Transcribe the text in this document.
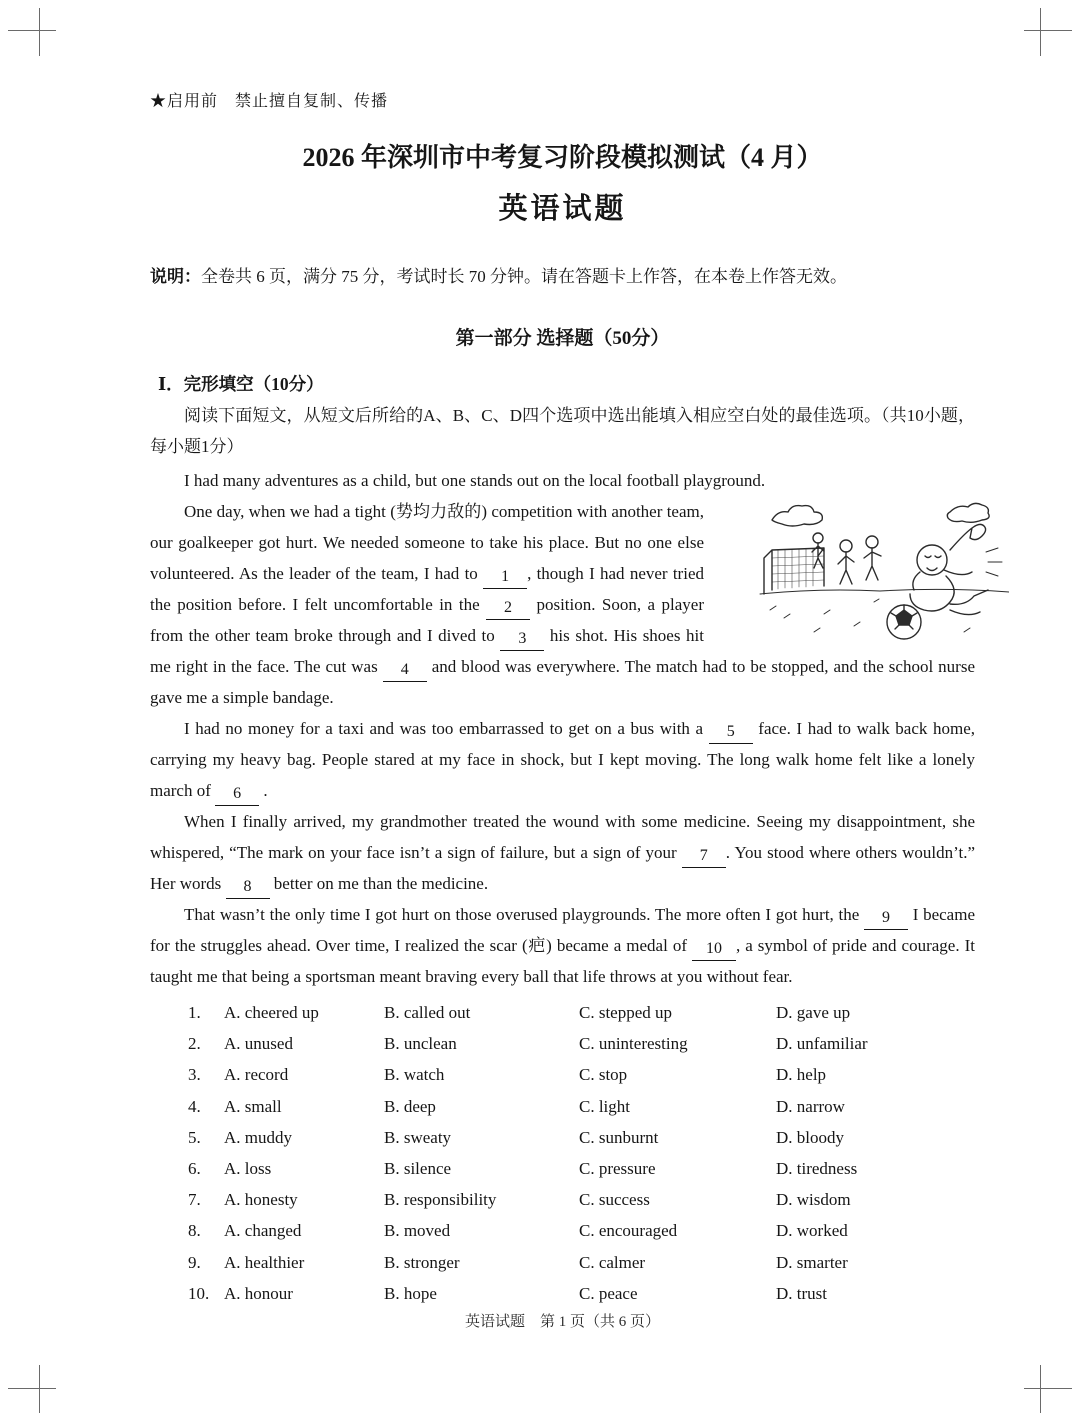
★启用前　禁止擅自复制、传播
2026 年深圳市中考复习阶段模拟测试（4 月）
英语试题
说明：全卷共 6 页，满分 75 分，考试时长 70 分钟。请在答题卡上作答，在本卷上作答无效。
第一部分 选择题（50分）
Ⅰ．完形填空（10分）
阅读下面短文，从短文后所给的A、B、C、D四个选项中选出能填入相应空白处的最佳选项。（共10小题，每小题1分）

I had many adventures as a child, but one stands out on the local football playground.

One day, when we had a tight (势均力敌的) competition with another team, our goalkeeper got hurt. We needed someone to take his place. But no one else volunteered. As the leader of the team, I had to 1 , though I had never tried the position before. I felt uncomfortable in the 2 position. Soon, a player from the other team broke through and I dived to 3 his shot. His shoes hit me right in the face. The cut was 4 and blood was everywhere. The match had to be stopped, and the school nurse gave me a simple bandage.

I had no money for a taxi and was too embarrassed to get on a bus with a 5 face. I had to walk back home, carrying my heavy bag. People stared at my face in shock, but I kept moving. The long walk home felt like a lonely march of 6 .

When I finally arrived, my grandmother treated the wound with some medicine. Seeing my disappointment, she whispered, “The mark on your face isn’t a sign of failure, but a sign of your 7 . You stood where others wouldn’t.” Her words 8 better on me than the medicine.

That wasn’t the only time I got hurt on those overused playgrounds. The more often I got hurt, the 9 I became for the struggles ahead. Over time, I realized the scar (疤) became a medal of 10 , a symbol of pride and courage. It taught me that being a sportsman meant braving every ball that life throws at you without fear.

1.	A. cheered up	B. called out	C. stepped up	D. gave up
2.	A. unused	B. unclean	C. uninteresting	D. unfamiliar
3.	A. record	B. watch	C. stop	D. help
4.	A. small	B. deep	C. light	D. narrow
5.	A. muddy	B. sweaty	C. sunburnt	D. bloody
6.	A. loss	B. silence	C. pressure	D. tiredness
7.	A. honesty	B. responsibility	C. success	D. wisdom
8.	A. changed	B. moved	C. encouraged	D. worked
9.	A. healthier	B. stronger	C. calmer	D. smarter
10. A. honour	B. hope	C. peace	D. trust
英语试题　第 1 页（共 6 页）
